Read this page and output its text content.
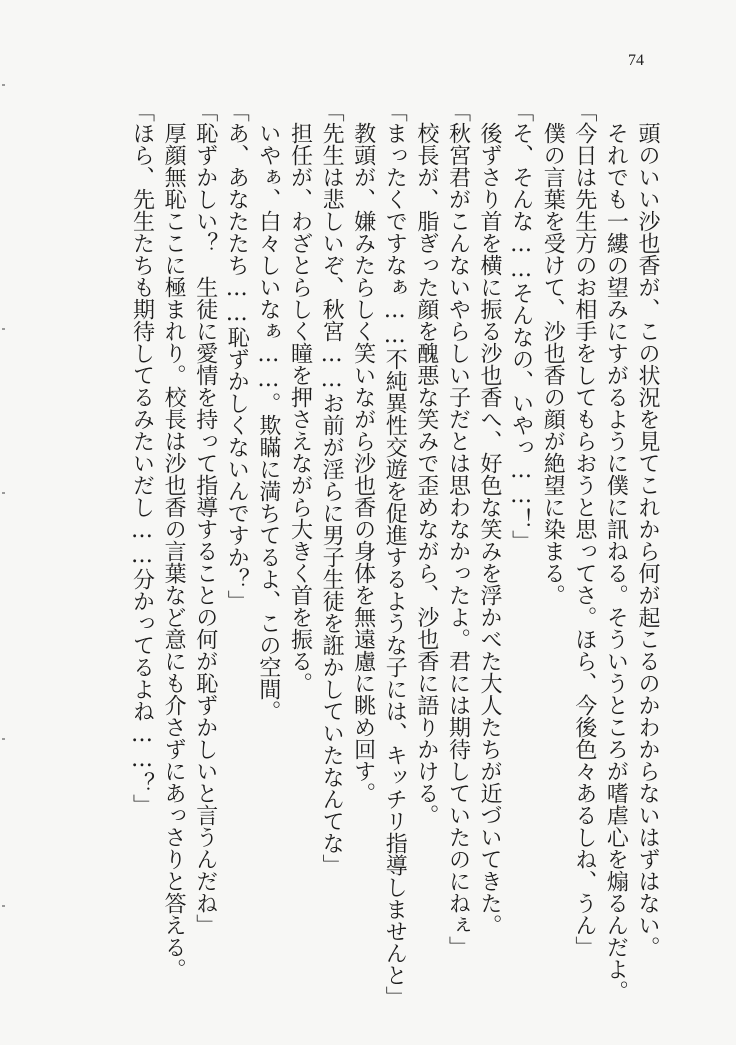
74
頭のいい沙也香が、この状況を見てこれから何が起こるのかわからないはずはない。
それでも一縷の望みにすがるように僕に訊ねる。そういうところが嗜虐心を煽るんだよ。
「今日は先生方のお相手をしてもらおうと思ってさ。ほら、今後色々あるしね、うん」
僕の言葉を受けて、沙也香の顔が絶望に染まる。
「そ、そんな……そんなの、いやっ……！」
後ずさり首を横に振る沙也香へ、好色な笑みを浮かべた大人たちが近づいてきた。
「秋宮君がこんないやらしい子だとは思わなかったよ。君には期待していたのにねぇ」
校長が、脂ぎった顔を醜悪な笑みで歪めながら、沙也香に語りかける。
「まったくですなぁ……不純異性交遊を促進するような子には、キッチリ指導しませんと」
教頭が、嫌みたらしく笑いながら沙也香の身体を無遠慮に眺め回す。
「先生は悲しいぞ、秋宮……お前が淫らに男子生徒を誑かしていたなんてな」
担任が、わざとらしく瞳を押さえながら大きく首を振る。
いやぁ、白々しいなぁ……。欺瞞に満ちてるよ、この空間。
「あ、あなたたち……恥ずかしくないんですか？」
「恥ずかしい？　生徒に愛情を持って指導することの何が恥ずかしいと言うんだね」
厚顔無恥ここに極まれり。校長は沙也香の言葉など意にも介さずにあっさりと答える。
「ほら、先生たちも期待してるみたいだし……分かってるよね……？」
